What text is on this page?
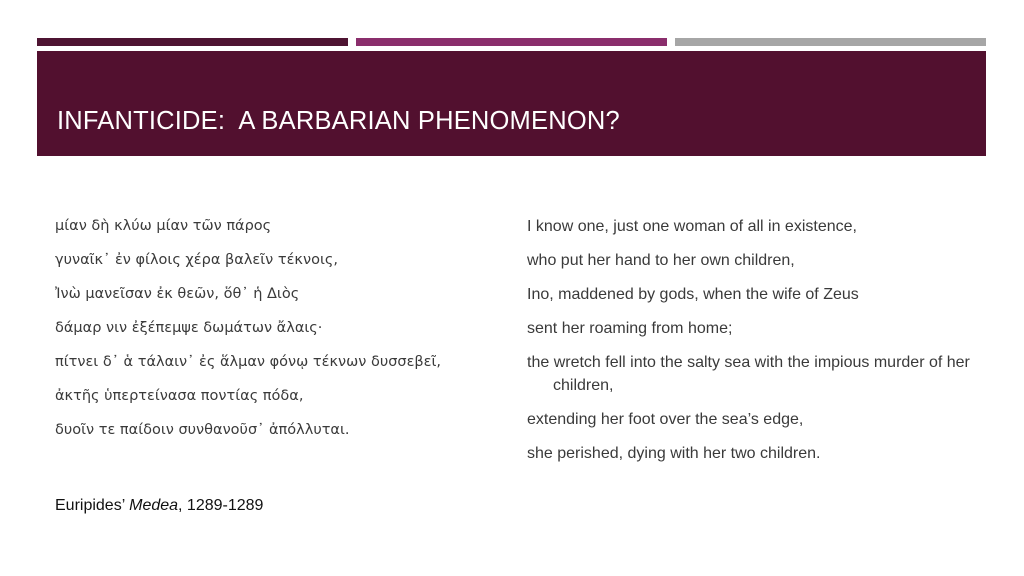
INFANTICIDE:  A BARBARIAN PHENOMENON?
μίαν δὴ κλύω μίαν τῶν πάρος
γυναῖκ᾽ ἐν φίλοις χέρα βαλεῖν τέκνοις,
Ἰνὼ μανεῖσαν ἐκ θεῶν, ὅθ᾽ ἡ Διὸς
δάμαρ νιν ἐξέπεμψε δωμάτων ἄλαις·
πίτνει δ᾽ ἁ τάλαιν᾽ ἐς ἅλμαν φόνῳ τέκνων δυσσεβεῖ,
ἀκτῆς ὑπερτείνασα ποντίας πόδα,
δυοῖν τε παίδοιν συνθανοῦσ᾽ ἀπόλλυται.
I know one, just one woman of all in existence,
who put her hand to her own children,
Ino, maddened by gods, when the wife of Zeus
sent her roaming from home;
the wretch fell into the salty sea with the impious murder of her children,
extending her foot over the sea’s edge,
she perished, dying with her two children.

Euripides’ Medea, 1289-1289
